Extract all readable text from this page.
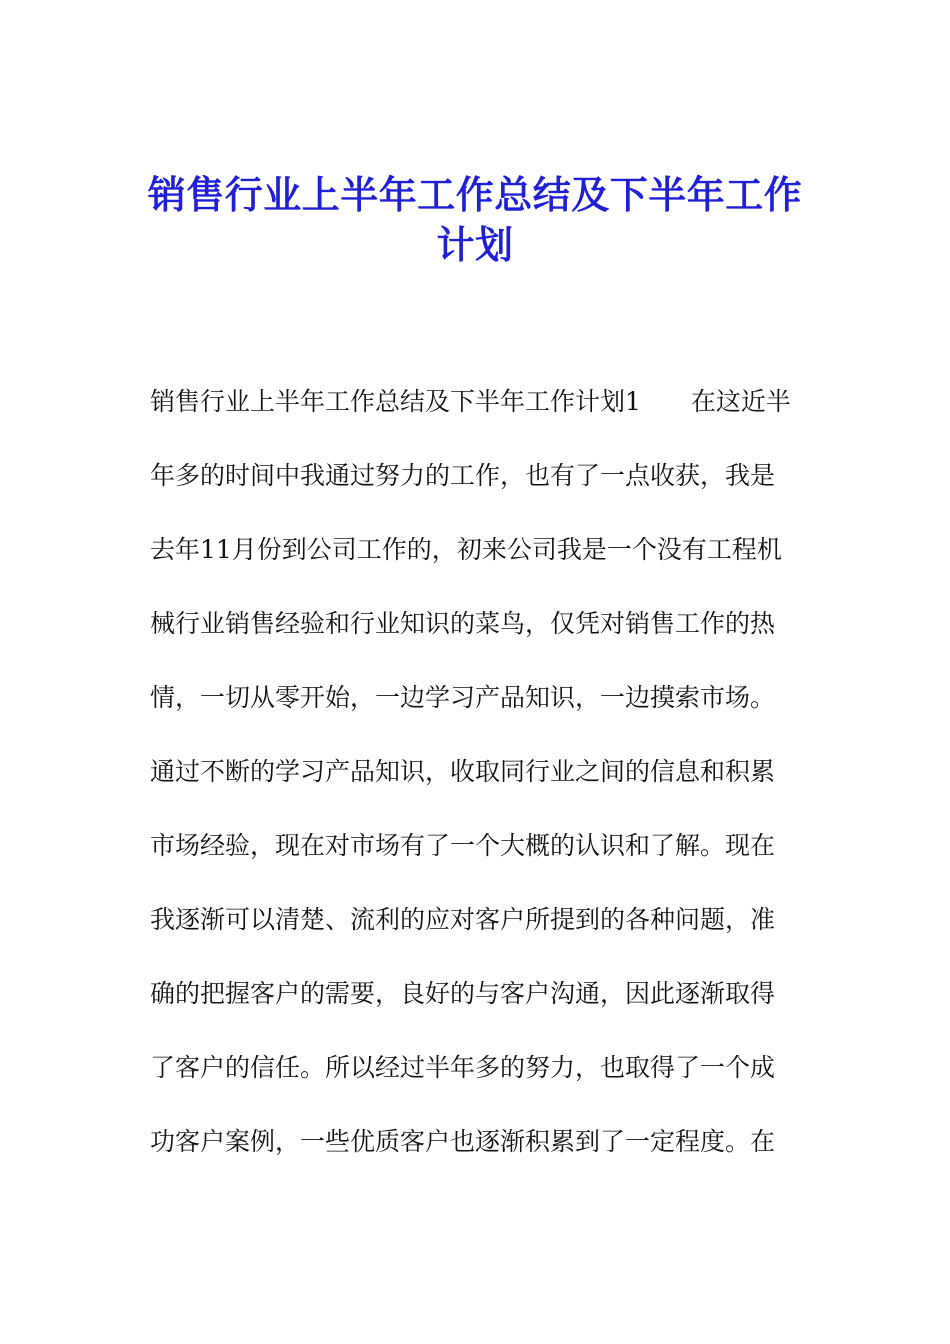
销售行业上半年工作总结及下半年工作
计划
销售行业上半年工作总结及下半年工作计划1 在这近半
年多的时间中我通过努力的工作，也有了一点收获，我是
去年11月份到公司工作的，初来公司我是一个没有工程机
械行业销售经验和行业知识的菜鸟，仅凭对销售工作的热
情，一切从零开始，一边学习产品知识，一边摸索市场。
通过不断的学习产品知识，收取同行业之间的信息和积累
市场经验，现在对市场有了一个大概的认识和了解。现在
我逐渐可以清楚、流利的应对客户所提到的各种问题，准
确的把握客户的需要，良好的与客户沟通，因此逐渐取得
了客户的信任。所以经过半年多的努力，也取得了一个成
功客户案例，一些优质客户也逐渐积累到了一定程度。在
